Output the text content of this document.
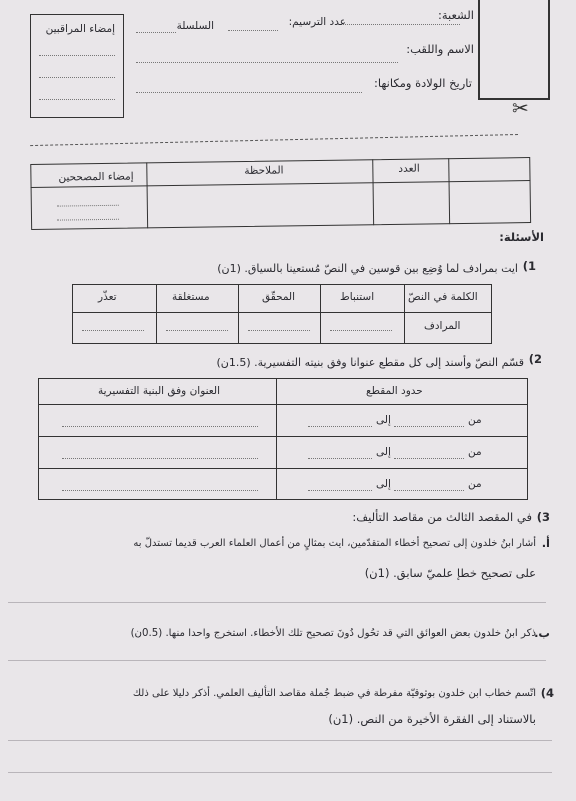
إمضاء المراقبين
الشعبة:
عدد الترسيم:
السلسلة
الاسم واللقب:
تاريخ الولادة ومكانها:
✂
العدد
الملاحظة
إمضاء المصححين
الأسئلة:
1)
ايت بمرادف لما وُضِع بين قوسين في النصّ مُستعينا بالسياق. (1ن)
الكلمة في النصّ
المرادف
استنباط
المحقّق
مستغلقة
تعذّر
2)
قسّم النصّ وأسند إلى كل مقطع عنوانا وفق بنيته التفسيرية. (1.5ن)
حدود المقطع
العنوان وفق البنية التفسيرية
من
إلى
من
إلى
من
إلى
3)
في المقصد الثالث من مقاصد التأليف:
أ.
أشار ابنُ خلدون إلى تصحيح أخطاء المتقدّمين، ايت بمثالٍ من أعمال العلماء العرب قديما تستدلّ به
على تصحيح خطإ علميّ سابق. (1ن)
ب.
ذكر ابنُ خلدون بعض العوائق التي قد تحُول دُونَ تصحيح تلك الأخطاء. استخرج واحدا منها. (0.5ن)
4)
اتّسم خطاب ابن خلدون بوثوقيّة مفرطة في ضبط جُملة مقاصد التأليف العلمي. أذكر دليلا على ذلك
بالاستناد إلى الفقرة الأخيرة من النص. (1ن)
